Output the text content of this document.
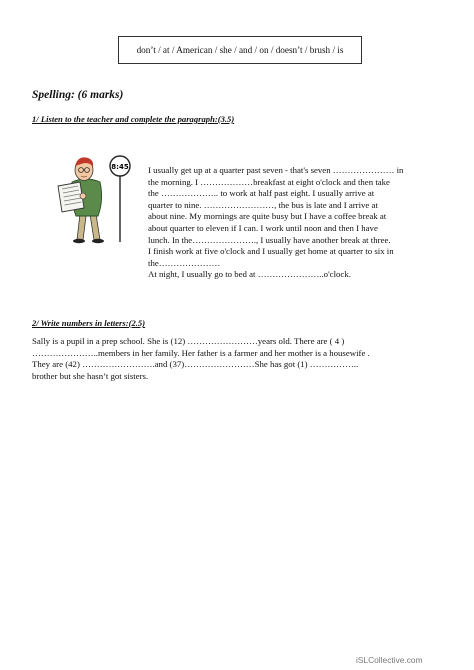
don’t / at / American / she / and / on / doesn’t / brush / is
Spelling: (6 marks)
1/ Listen to the teacher and complete the paragraph:(3.5)
8:45 I usually get up at a quarter past seven - that's seven ………………… in
the morning. I ………………breakfast at eight o'clock and then take
the ……………….. to work at half past eight. I usually arrive at
quarter to nine. ……………………, the bus is late and I arrive at
about nine. My mornings are quite busy but I have a coffee break at
about quarter to eleven if I can. I work until noon and then I have
lunch. In the…………………., I usually have another break at three.
I finish work at five o'clock and I usually get home at quarter to six in
the…………………
At night, I usually go to bed at …………………..o'clock.
2/ Write numbers in letters:(2.5)
Sally is a pupil in a prep school. She is (12) ……………………years old. There are ( 4 )
…………………..members in her family. Her father is a farmer and her mother is a housewife .
They are (42) …………………….and (37)……………………She has got (1) ……………..
brother but she hasn’t got sisters.
iSLCollective.com
